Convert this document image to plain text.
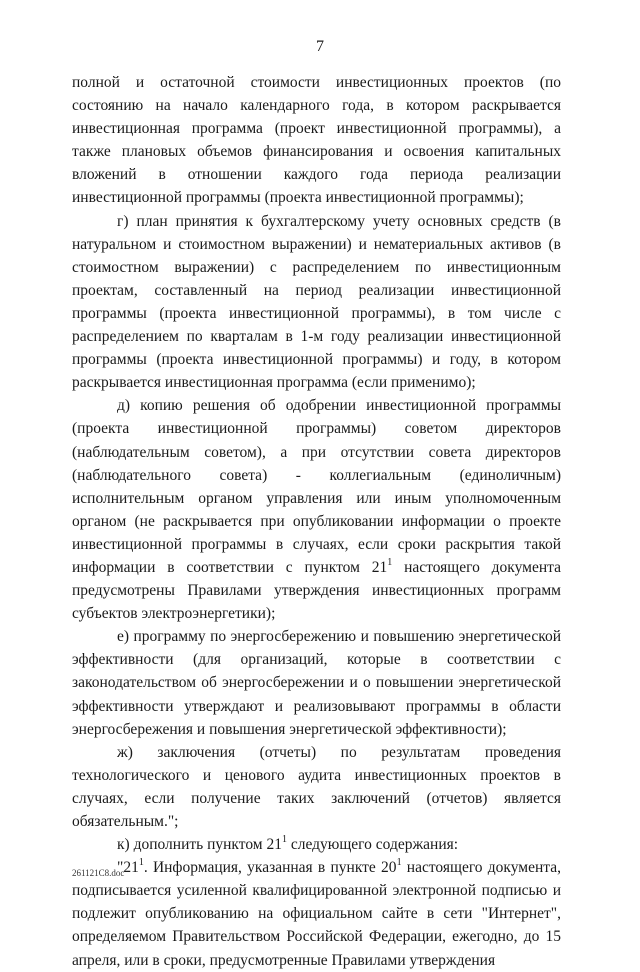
7

полной и остаточной стоимости инвестиционных проектов (по состоянию на начало календарного года, в котором раскрывается инвестиционная программа (проект инвестиционной программы), а также плановых объемов финансирования и освоения капитальных вложений в отношении каждого года периода реализации инвестиционной программы (проекта инвестиционной программы);

г) план принятия к бухгалтерскому учету основных средств (в натуральном и стоимостном выражении) и нематериальных активов (в стоимостном выражении) с распределением по инвестиционным проектам, составленный на период реализации инвестиционной программы (проекта инвестиционной программы), в том числе с распределением по кварталам в 1-м году реализации инвестиционной программы (проекта инвестиционной программы) и году, в котором раскрывается инвестиционная программа (если применимо);

д) копию решения об одобрении инвестиционной программы (проекта инвестиционной программы) советом директоров (наблюдательным советом), а при отсутствии совета директоров (наблюдательного совета) - коллегиальным (единоличным) исполнительным органом управления или иным уполномоченным органом (не раскрывается при опубликовании информации о проекте инвестиционной программы в случаях, если сроки раскрытия такой информации в соответствии с пунктом $21^1$ настоящего документа предусмотрены Правилами утверждения инвестиционных программ субъектов электроэнергетики);

е) программу по энергосбережению и повышению энергетической эффективности (для организаций, которые в соответствии с законодательством об энергосбережении и о повышении энергетической эффективности утверждают и реализовывают программы в области энергосбережения и повышения энергетической эффективности);

ж) заключения (отчеты) по результатам проведения технологического и ценового аудита инвестиционных проектов в случаях, если получение таких заключений (отчетов) является обязательным.";

к) дополнить пунктом $21^1$ следующего содержания:

"$21^1$. Информация, указанная в пункте $20^1$ настоящего документа, подписывается усиленной квалифицированной электронной подписью и подлежит опубликованию на официальном сайте в сети "Интернет", определяемом Правительством Российской Федерации, ежегодно, до 15 апреля, или в сроки, предусмотренные Правилами утверждения

261121C8.doc
